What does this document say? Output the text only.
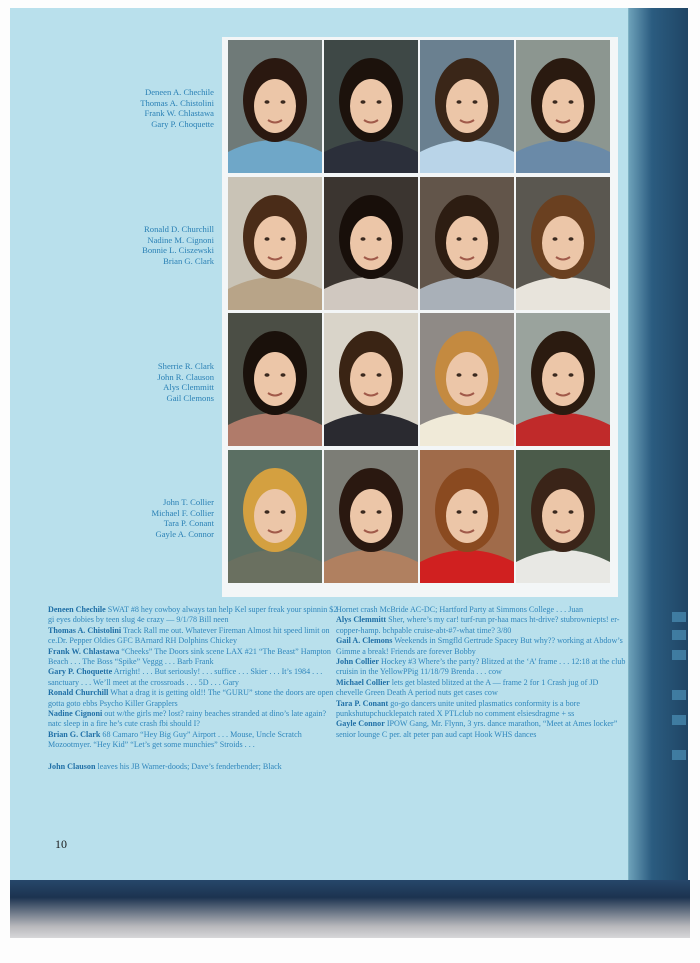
Deneen A. Chechile
Thomas A. Chistolini
Frank W. Chlastawa
Gary P. Choquette
Ronald D. Churchill
Nadine M. Cignoni
Bonnie L. Ciszewski
Brian G. Clark
Sherrie R. Clark
John R. Clauson
Alys Clemmitt
Gail Clemons
John T. Collier
Michael F. Collier
Tara P. Conant
Gayle A. Connor

Deneen Chechile SWAT #8 hey cowboy always tan help Kel super freak your spinnin $2 gi eyes dobies by teen slug 4e crazy — 9/1/78 Bill neen

Thomas A. Chistolini Track Rall me out. Whatever Fireman Almost hit speed limit on ce.Dr. Pepper Oldies GFC BArnard RH Dolphins Chickey

Frank W. Chlastawa “Cheeks” The Doors sink scene LAX #21 “The Beast” Hampton Beach . . . The Boss “Spike” Veggg . . . Barb Frank

Gary P. Choquette Arright! . . . But seriously! . . . suffice . . . Skier . . . It’s 1984 . . . sanctuary . . . We’ll meet at the crossroads . . . 5D . . . Gary

Ronald Churchill What a drag it is getting old!! The “GURU” stone the doors are open gotta goto ebbs Psycho Killer Grapplers

Nadine Cignoni out w/the girls me? lost? rainy beaches stranded at dino’s late again? natc sleep in a fire he’s cute crash fbi should I?

Brian G. Clark 68 Camaro “Hey Big Guy” Airport . . . Mouse, Uncle Scratch Mozootmyer. “Hey Kid” “Let’s get some munchies” Stroids . . .

John Clauson leaves his JB Warner-doods; Dave’s fenderbender; Black

Hornet crash McBride AC-DC; Hartford Party at Simmons College . . . Juan

Alys Clemmitt Sher, where’s my car! turf-run pr-haa macs ht-drive? stubrowniepts! er-copper-hamp. bchpable cruise-abt-#7-what time? 3/80

Gail A. Clemons Weekends in Srngfld Gertrude Spacey But why?? working at Abdow’s Gimme a break! Friends are forever Bobby

John Collier Hockey #3 Where’s the party? Blitzed at the ‘A’ frame . . . 12:18 at the club cruisin in the YellowPPig 11/18/79 Brenda . . . cow

Michael Collier lets get blasted blitzed at the A — frame 2 for 1 Crash jug of JD chevelle Green Death A period nuts get cases cow

Tara P. Conant go-go dancers unite united plasmatics conformity is a bore punkshutupchucklepatch rated X PTLclub no comment elsiesdragme + ss

Gayle Connor IPOW Gang, Mr. Flynn, 3 yrs. dance marathon, “Meet at Ames locker” senior lounge C per. alt peter pan aud capt Hook WHS dances

10
